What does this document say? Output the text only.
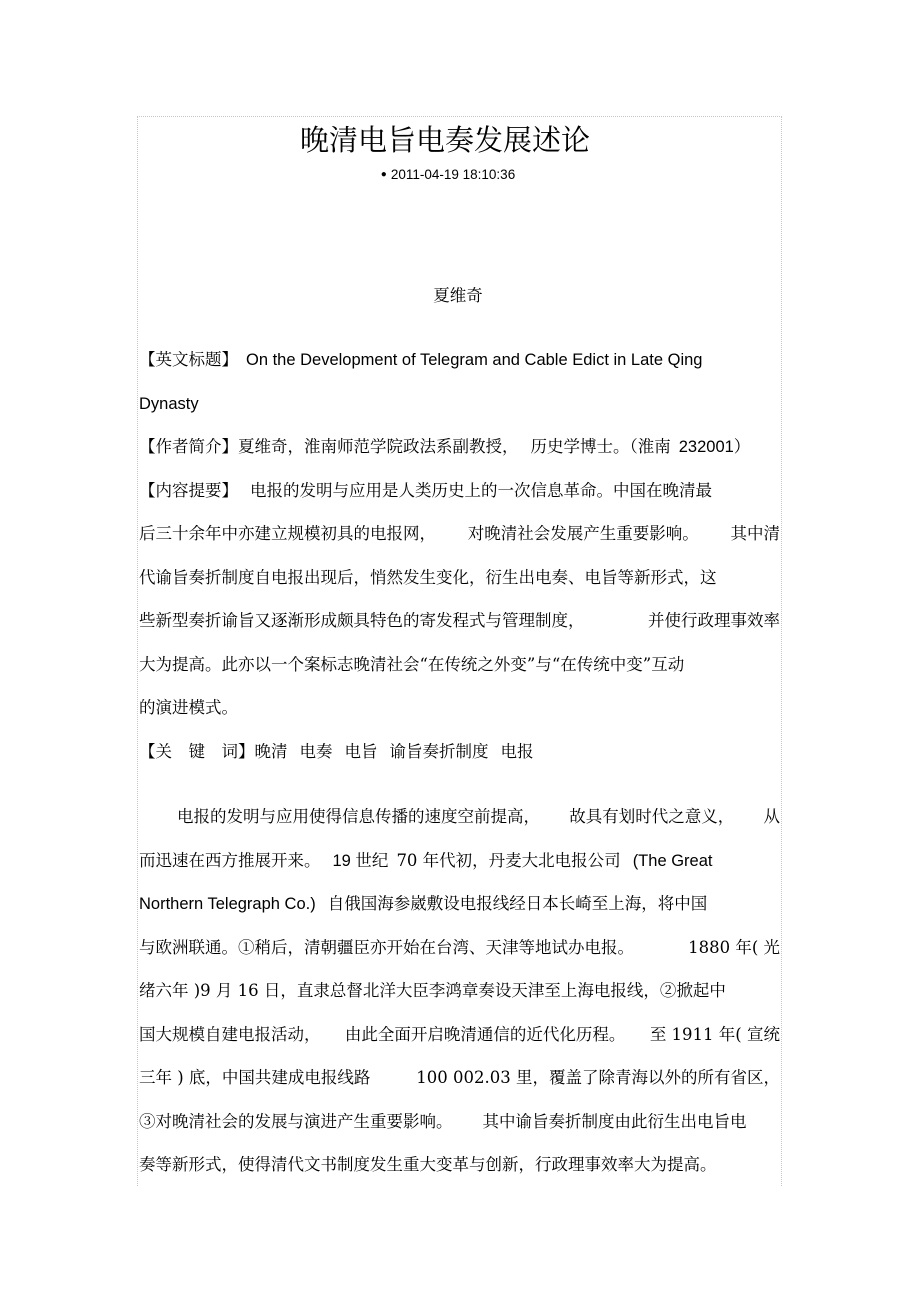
晚清电旨电奏发展述论
● 2011-04-19 18:10:36
夏维奇
【英文标题】 On the Development of Telegram and Cable Edict in Late Qing
Dynasty
【作者简介】夏维奇，淮南师范学院政法系副教授， 历史学博士。（淮南 232001）
【内容提要】 电报的发明与应用是人类历史上的一次信息革命。中国在晚清最
后三十余年中亦建立规模初具的电报网， 对晚清社会发展产生重要影响。 其中清
代谕旨奏折制度自电报出现后，悄然发生变化，衍生出电奏、电旨等新形式，这
些新型奏折谕旨又逐渐形成颇具特色的寄发程式与管理制度，	并使行政理事效率
大为提高。此亦以一个案标志晚清社会“在传统之外变”与“在传统中变”互动
的演进模式。
【关　键　词】晚清 电奏 电旨 谕旨奏折制度 电报
电报的发明与应用使得信息传播的速度空前提高， 故具有划时代之意义， 从
而迅速在西方推展开来。 19 世纪 70 年代初，丹麦大北电报公司 (The Great
Northern Telegraph Co.) 自俄国海参崴敷设电报线经日本长崎至上海，将中国
与欧洲联通。①稍后，清朝疆臣亦开始在台湾、天津等地试办电报。	1880 年( 光
绪六年 )9 月 16 日，直隶总督北洋大臣李鸿章奏设天津至上海电报线，②掀起中
国大规模自建电报活动， 由此全面开启晚清通信的近代化历程。 至 1911 年( 宣统
三年 ) 底，中国共建成电报线路	100 002.03 里，覆盖了除青海以外的所有省区，
③对晚清社会的发展与演进产生重要影响。 其中谕旨奏折制度由此衍生出电旨电
奏等新形式，使得清代文书制度发生重大变革与创新，行政理事效率大为提高。
